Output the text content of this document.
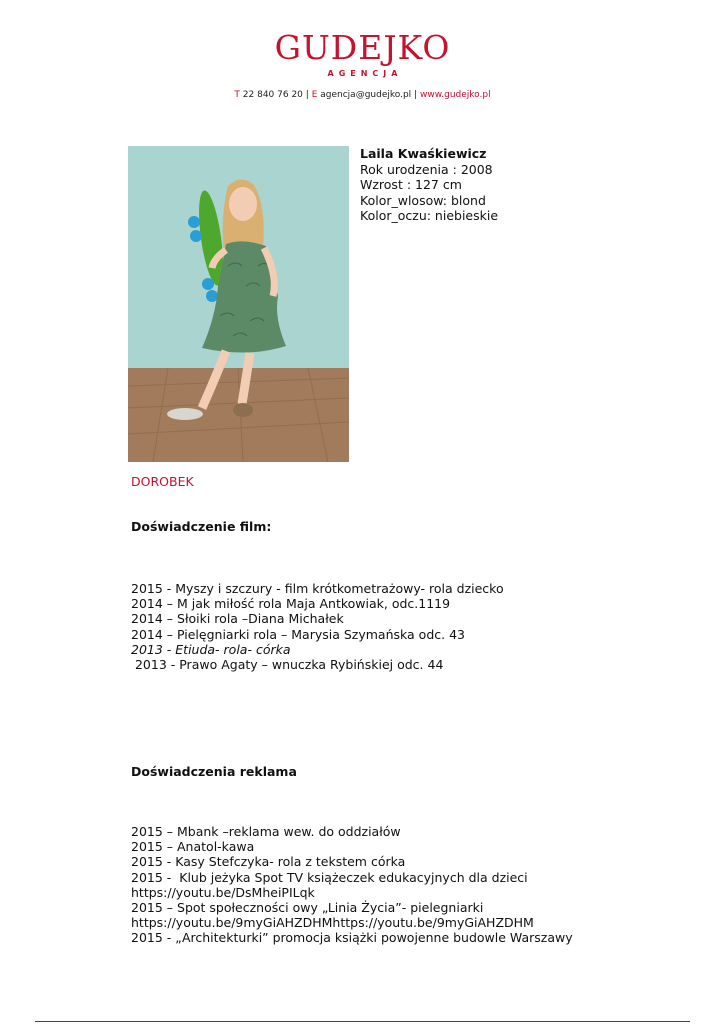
GUDEJKO
AGENCJA
T 22 840 76 20 | E agencja@gudejko.pl | www.gudejko.pl
Laila Kwaśkiewicz
Rok urodzenia : 2008
Wzrost : 127 cm
Kolor_wlosow: blond
Kolor_oczu: niebieskie
DOROBEK
Doświadczenie film:
2015 - Myszy i szczury - film krótkometrażowy- rola dziecko
2014 – M jak miłość rola Maja Antkowiak, odc.1119
2014 – Słoiki rola –Diana Michałek
2014 – Pielęgniarki rola – Marysia Szymańska odc. 43
2013 - Etiuda- rola- córka
2013 - Prawo Agaty – wnuczka Rybińskiej odc. 44
Doświadczenia reklama
2015 – Mbank –reklama wew. do oddziałów
2015 – Anatol-kawa
2015 - Kasy Stefczyka- rola z tekstem córka
2015 -  Klub jeżyka Spot TV książeczek edukacyjnych dla dzieci
https://youtu.be/DsMheiPILqk
2015 – Spot społeczności owy „Linia Życia”- pielegniarki
https://youtu.be/9myGiAHZDHMhttps://youtu.be/9myGiAHZDHM
2015 - „Architekturki” promocja książki powojenne budowle Warszawy
